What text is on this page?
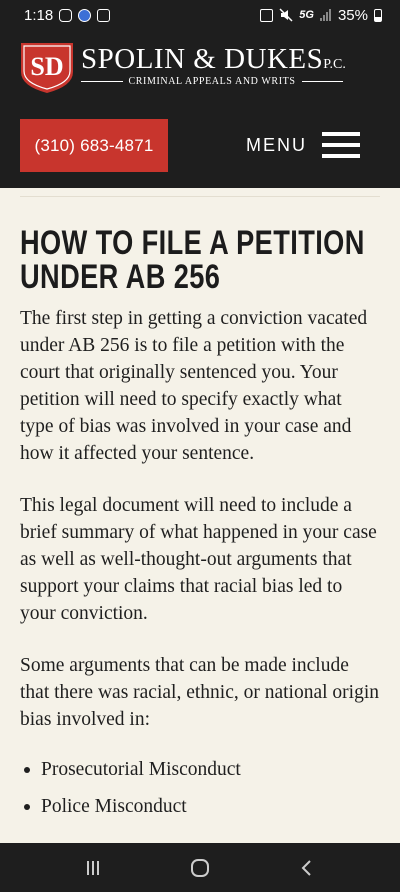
1:18	5G 35%
SD SPOLIN & DUKESP.C.
CRIMINAL APPEALS AND WRITS
(310) 683-4871	MENU
HOW TO FILE A PETITION UNDER AB 256

The first step in getting a conviction vacated under AB 256 is to file a petition with the court that originally sentenced you. Your petition will need to specify exactly what type of bias was involved in your case and how it affected your sentence.

This legal document will need to include a brief summary of what happened in your case as well as well-thought-out arguments that support your claims that racial bias led to your conviction.

Some arguments that can be made include that there was racial, ethnic, or national origin bias involved in:

Prosecutorial Misconduct
Police Misconduct
